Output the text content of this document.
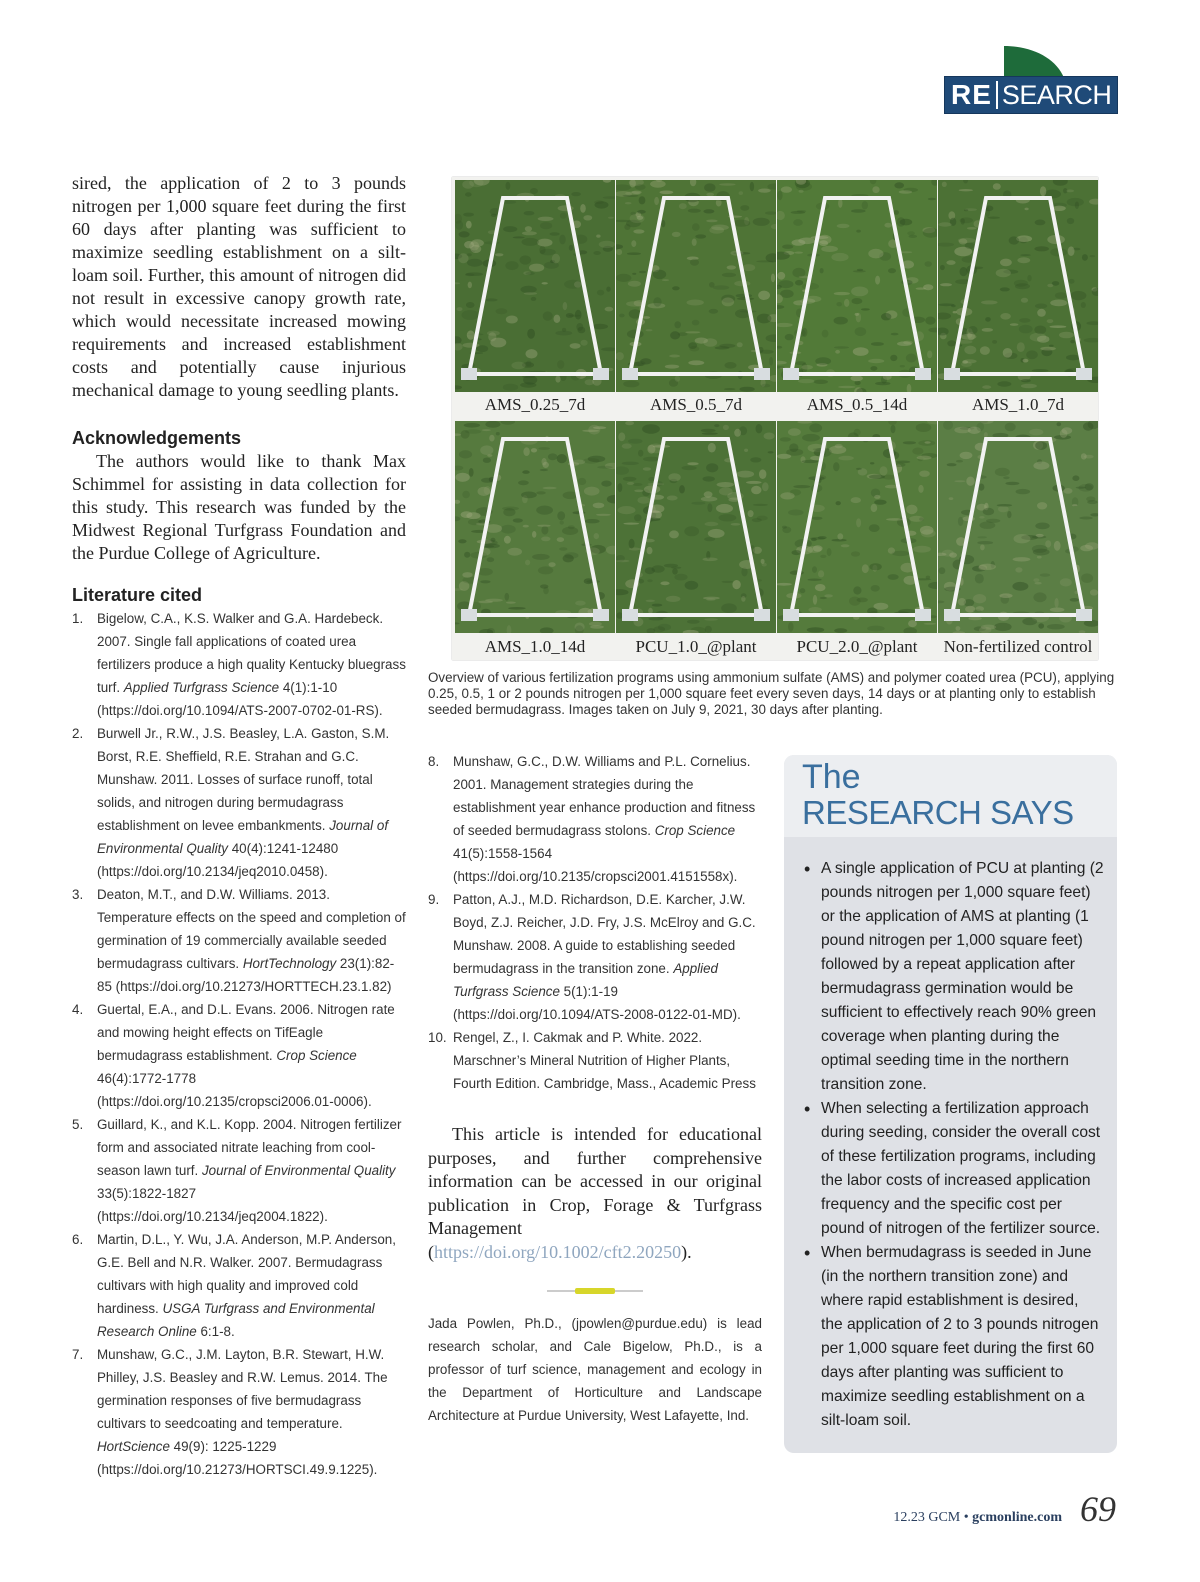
RE SEARCH

sired, the application of 2 to 3 pounds nitrogen per 1,000 square feet during the first 60 days after planting was sufficient to maximize seedling establishment on a silt-loam soil. Further, this amount of nitrogen did not result in excessive canopy growth rate, which would necessitate increased mowing requirements and increased establishment costs and potentially cause injurious mechanical damage to young seedling plants.

Acknowledgements

The authors would like to thank Max Schimmel for assisting in data collection for this study. This research was funded by the Midwest Regional Turfgrass Foundation and the Purdue College of Agriculture.

Literature cited
1. Bigelow, C.A., K.S. Walker and G.A. Hardebeck. 2007. Single fall applications of coated urea fertilizers produce a high quality Kentucky bluegrass turf. Applied Turfgrass Science 4(1):1-10 (https://doi.org/10.1094/ATS-2007-0702-01-RS).
2. Burwell Jr., R.W., J.S. Beasley, L.A. Gaston, S.M. Borst, R.E. Sheffield, R.E. Strahan and G.C. Munshaw. 2011. Losses of surface runoff, total solids, and nitrogen during bermudagrass establishment on levee embankments. Journal of Environmental Quality 40(4):1241-12480 (https://doi.org/10.2134/jeq2010.0458).
3. Deaton, M.T., and D.W. Williams. 2013. Temperature effects on the speed and completion of germination of 19 commercially available seeded bermudagrass cultivars. HortTechnology 23(1):82-85 (https://doi.org/10.21273/HORTTECH.23.1.82)
4. Guertal, E.A., and D.L. Evans. 2006. Nitrogen rate and mowing height effects on TifEagle bermudagrass establishment. Crop Science 46(4):1772-1778 (https://doi.org/10.2135/cropsci2006.01-0006).
5. Guillard, K., and K.L. Kopp. 2004. Nitrogen fertilizer form and associated nitrate leaching from cool-season lawn turf. Journal of Environmental Quality 33(5):1822-1827 (https://doi.org/10.2134/jeq2004.1822).
6. Martin, D.L., Y. Wu, J.A. Anderson, M.P. Anderson, G.E. Bell and N.R. Walker. 2007. Bermudagrass cultivars with high quality and improved cold hardiness. USGA Turfgrass and Environmental Research Online 6:1-8.
7. Munshaw, G.C., J.M. Layton, B.R. Stewart, H.W. Philley, J.S. Beasley and R.W. Lemus. 2014. The germination responses of five bermudagrass cultivars to seedcoating and temperature. HortScience 49(9): 1225-1229 (https://doi.org/10.21273/HORTSCI.49.9.1225).
AMS_0.25_7d	AMS_0.5_7d	AMS_0.5_14d	AMS_1.0_7d
AMS_1.0_14d	PCU_1.0_@plant	PCU_2.0_@plant	Non-fertilized control

Overview of various fertilization programs using ammonium sulfate (AMS) and polymer coated urea (PCU), applying 0.25, 0.5, 1 or 2 pounds nitrogen per 1,000 square feet every seven days, 14 days or at planting only to establish seeded bermudagrass. Images taken on July 9, 2021, 30 days after planting.

8. Munshaw, G.C., D.W. Williams and P.L. Cornelius. 2001. Management strategies during the establishment year enhance production and fitness of seeded bermudagrass stolons. Crop Science 41(5):1558-1564 (https://doi.org/10.2135/cropsci2001.4151558x).
9. Patton, A.J., M.D. Richardson, D.E. Karcher, J.W. Boyd, Z.J. Reicher, J.D. Fry, J.S. McElroy and G.C. Munshaw. 2008. A guide to establishing seeded bermudagrass in the transition zone. Applied Turfgrass Science 5(1):1-19 (https://doi.org/10.1094/ATS-2008-0122-01-MD).
10. Rengel, Z., I. Cakmak and P. White. 2022. Marschner’s Mineral Nutrition of Higher Plants, Fourth Edition. Cambridge, Mass., Academic Press

This article is intended for educational purposes, and further comprehensive information can be accessed in our original publication in Crop, Forage & Turfgrass Management (https://doi.org/10.1002/cft2.20250).

Jada Powlen, Ph.D., (jpowlen@purdue.edu) is lead research scholar, and Cale Bigelow, Ph.D., is a professor of turf science, management and ecology in the Department of Horticulture and Landscape Architecture at Purdue University, West Lafayette, Ind.

The
RESEARCH SAYS
• A single application of PCU at planting (2 pounds nitrogen per 1,000 square feet) or the application of AMS at planting (1 pound nitrogen per 1,000 square feet) followed by a repeat application after bermudagrass germination would be sufficient to effectively reach 90% green coverage when planting during the optimal seeding time in the northern transition zone.
• When selecting a fertilization approach during seeding, consider the overall cost of these fertilization programs, including the labor costs of increased application frequency and the specific cost per pound of nitrogen of the fertilizer source.
• When bermudagrass is seeded in June (in the northern transition zone) and where rapid establishment is desired, the application of 2 to 3 pounds nitrogen per 1,000 square feet during the first 60 days after planting was sufficient to maximize seedling establishment on a silt-loam soil.
12.23 GCM • gcmonline.com 69
